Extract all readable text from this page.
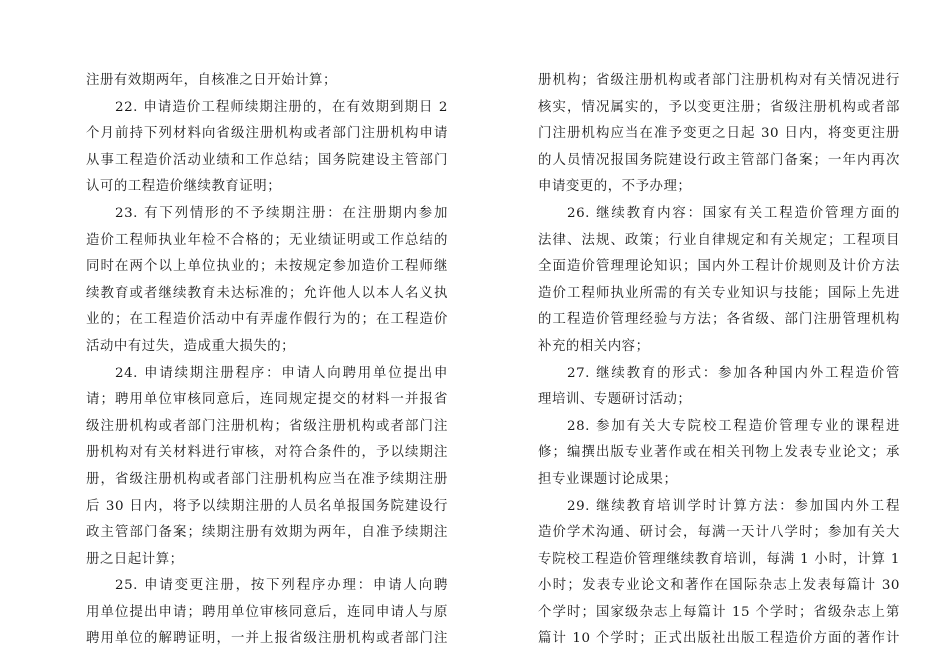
注册有效期两年，自核准之日开始计算；
22. 申请造价工程师续期注册的，在有效期到期日 2
个月前持下列材料向省级注册机构或者部门注册机构申请
从事工程造价活动业绩和工作总结；国务院建设主管部门
认可的工程造价继续教育证明；
23. 有下列情形的不予续期注册：在注册期内参加
造价工程师执业年检不合格的；无业绩证明或工作总结的
同时在两个以上单位执业的；未按规定参加造价工程师继
续教育或者继续教育未达标准的；允许他人以本人名义执
业的；在工程造价活动中有弄虚作假行为的；在工程造价
活动中有过失，造成重大损失的；
24. 申请续期注册程序：申请人向聘用单位提出申
请；聘用单位审核同意后，连同规定提交的材料一并报省
级注册机构或者部门注册机构；省级注册机构或者部门注
册机构对有关材料进行审核，对符合条件的，予以续期注
册，省级注册机构或者部门注册机构应当在准予续期注册
后 30 日内，将予以续期注册的人员名单报国务院建设行
政主管部门备案；续期注册有效期为两年，自准予续期注
册之日起计算；
25. 申请变更注册，按下列程序办理：申请人向聘
用单位提出申请；聘用单位审核同意后，连同申请人与原
聘用单位的解聘证明，一并上报省级注册机构或者部门注
册机构；省级注册机构或者部门注册机构对有关情况进行
核实，情况属实的，予以变更注册；省级注册机构或者部
门注册机构应当在准予变更之日起 30 日内，将变更注册
的人员情况报国务院建设行政主管部门备案；一年内再次
申请变更的，不予办理；
26. 继续教育内容：国家有关工程造价管理方面的
法律、法规、政策；行业自律规定和有关规定；工程项目
全面造价管理理论知识；国内外工程计价规则及计价方法
造价工程师执业所需的有关专业知识与技能；国际上先进
的工程造价管理经验与方法；各省级、部门注册管理机构
补充的相关内容；
27. 继续教育的形式：参加各种国内外工程造价管
理培训、专题研讨活动；
28. 参加有关大专院校工程造价管理专业的课程进
修；编撰出版专业著作或在相关刊物上发表专业论文；承
担专业课题讨论成果；
29. 继续教育培训学时计算方法：参加国内外工程
造价学术沟通、研讨会，每满一天计八学时；参加有关大
专院校工程造价管理继续教育培训，每满 1 小时，计算 1
小时；发表专业论文和著作在国际杂志上发表每篇计 30
个学时；国家级杂志上每篇计 15 个学时；省级杂志上第
篇计 10 个学时；正式出版社出版工程造价方面的著作计
